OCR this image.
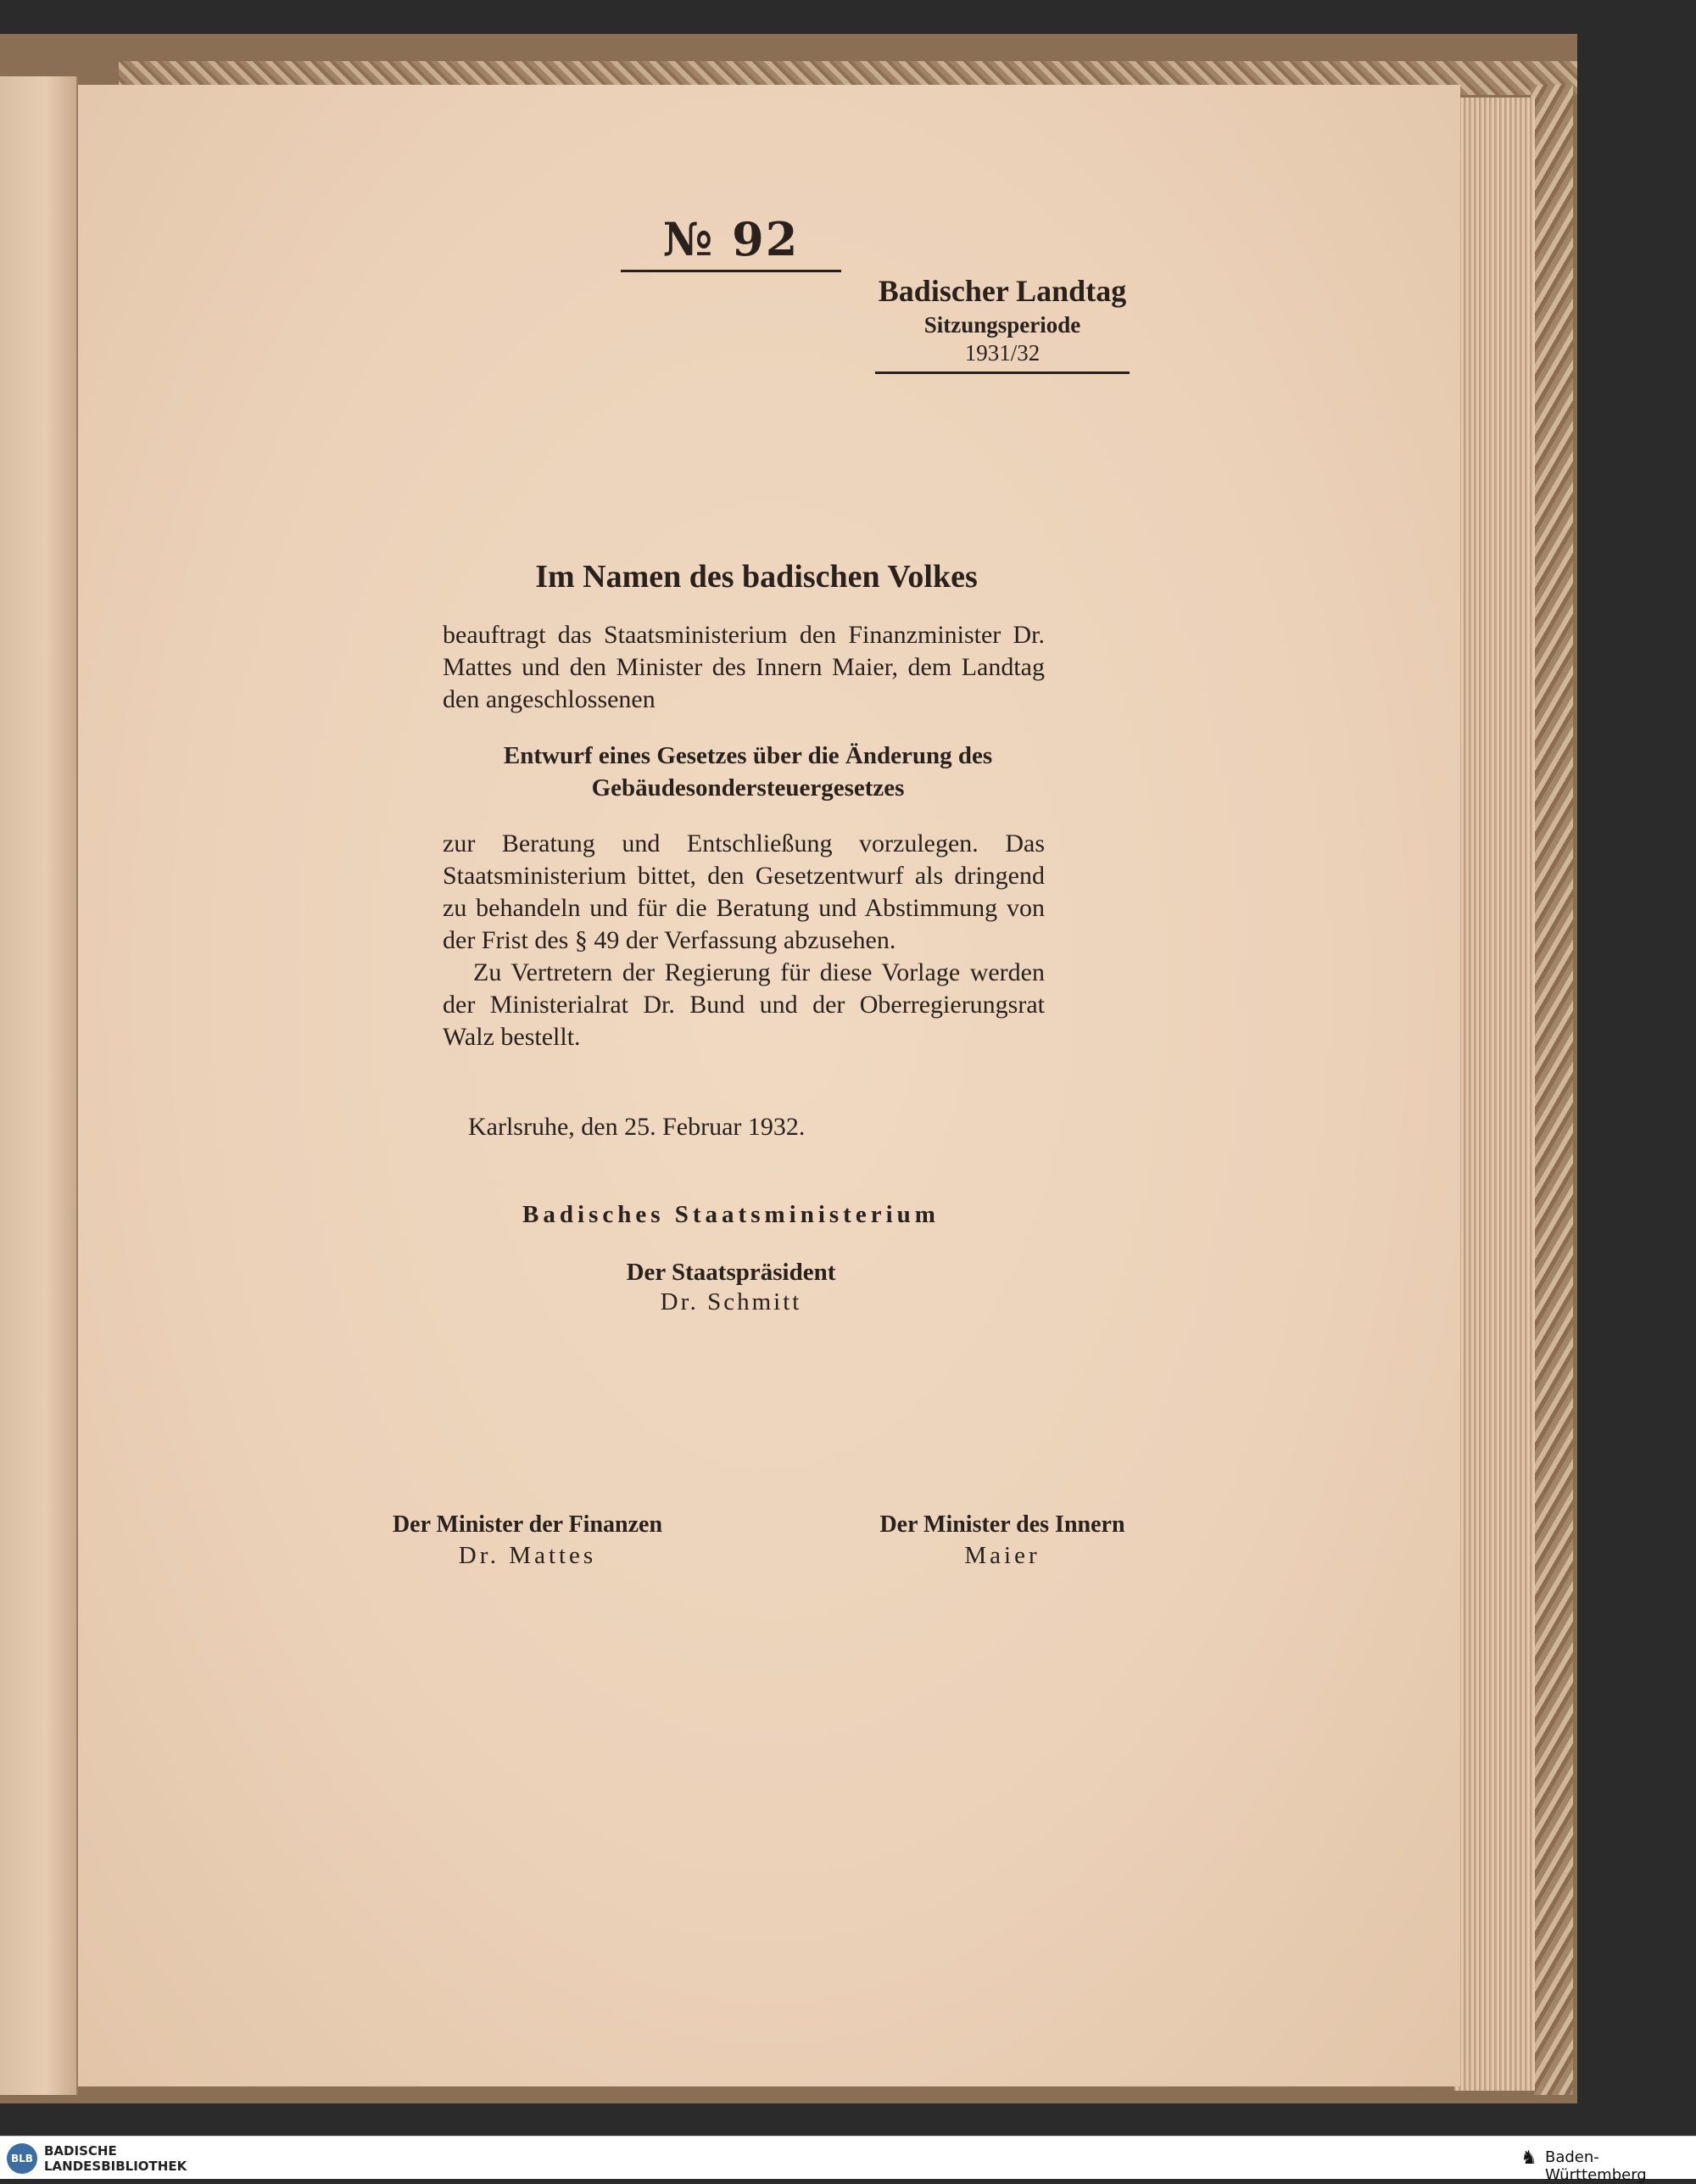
№ 92
Badischer Landtag
Sitzungsperiode
1931/32
Im Namen des badischen Volkes

beauftragt das Staatsministerium den Finanzminister Dr. Mattes und den Minister des Innern Maier, dem Landtag den angeschlossenen

Entwurf eines Gesetzes über die Änderung des
Gebäudesondersteuergesetzes

zur Beratung und Entschließung vorzulegen. Das Staatsministerium bittet, den Gesetzentwurf als dringend zu behandeln und für die Beratung und Abstimmung von der Frist des § 49 der Verfassung abzusehen.

Zu Vertretern der Regierung für diese Vorlage werden der Ministerialrat Dr. Bund und der Oberregierungsrat Walz bestellt.

Karlsruhe, den 25. Februar 1932.
Badisches Staatsministerium
Der Staatspräsident
Dr. Schmitt
Der Minister der Finanzen
Dr. Mattes
Der Minister des Innern
Maier
BLB BADISCHE
LANDESBIBLIOTHEK	♞ Baden-Württemberg
